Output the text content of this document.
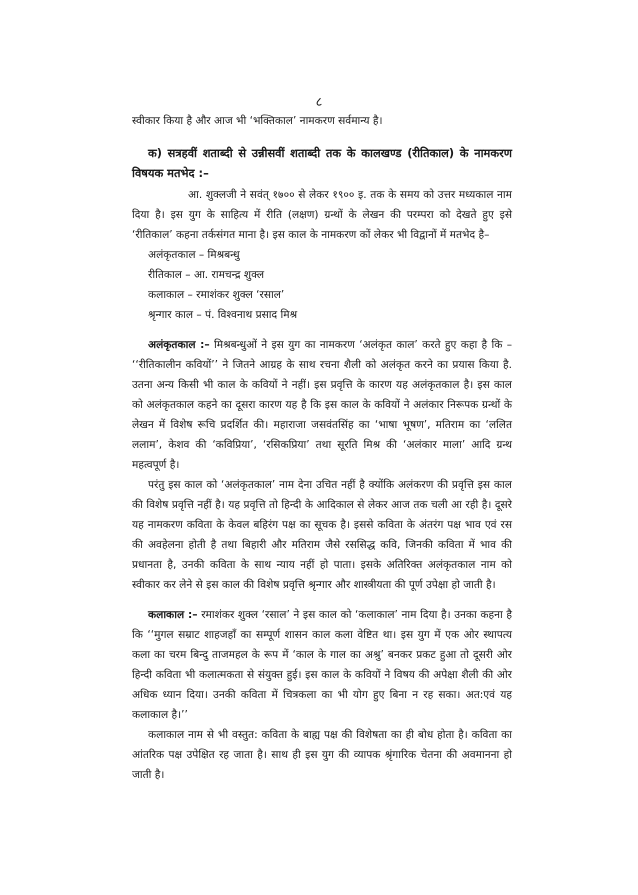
८

स्वीकार किया है और आज भी ‘भक्तिकाल’ नामकरण सर्वमान्य है।

क) सत्रहवीं शताब्दी से उन्नीसवीं शताब्दी तक के कालखण्ड (रीतिकाल) के नामकरण विषयक मतभेद :–

आ. शुक्लजी ने सवंत् १७०० से लेकर १९०० इ. तक के समय को उत्तर मध्यकाल नाम दिया है। इस युग के साहित्य में रीति (लक्षण) ग्रन्थों के लेखन की परम्परा को देखते हुए इसे ‘रीतिकाल’ कहना तर्कसंगत माना है। इस काल के नामकरण कों लेकर भी विद्वानों में मतभेद है–

अलंकृतकाल – मिश्रबन्धु
रीतिकाल – आ. रामचन्द्र शुक्ल
कलाकाल – रमाशंकर शुक्ल ‘रसाल’
श्रृन्गार काल – पं. विश्वनाथ प्रसाद मिश्र

अलंकृतकाल :– मिश्रबन्धुओं ने इस युग का नामकरण ‘अलंकृत काल’ करते हुए कहा है कि – ‘‘रीतिकालीन कवियों’’ ने जितने आग्रह के साथ रचना शैली को अलंकृत करने का प्रयास किया है. उतना अन्य किसी भी काल के कवियों ने नहीं। इस प्रवृत्ति के कारण यह अलंकृतकाल है। इस काल को अलंकृतकाल कहने का दूसरा कारण यह है कि इस काल के कवियों ने अलंकार निरूपक ग्रन्थों के लेखन में विशेष रूचि प्रदर्शित की। महाराजा जसवंतसिंह का ‘भाषा भूषण’, मतिराम का ‘ललित ललाम’, केशव की ‘कविप्रिया’, ‘रसिकप्रिया’ तथा सूरति मिश्र की ‘अलंकार माला’ आदि ग्रन्थ महत्वपूर्ण है।

परंतु इस काल को ‘अलंकृतकाल’ नाम देना उचित नहीं है क्योंकि अलंकरण की प्रवृत्ति इस काल की विशेष प्रवृत्ति नहीं है। यह प्रवृत्ति तो हिन्दी के आदिकाल से लेकर आज तक चली आ रही है। दूसरे यह नामकरण कविता के केवल बहिरंग पक्ष का सूचक है। इससे कविता के अंतरंग पक्ष भाव एवं रस की अवहेलना होती है तथा बिहारी और मतिराम जैसे रससिद्ध कवि, जिनकी कविता में भाव की प्रधानता है, उनकी कविता के साथ न्याय नहीं हो पाता। इसके अतिरिक्त अलंकृतकाल नाम को स्वीकार कर लेने से इस काल की विशेष प्रवृत्ति श्रृन्गार और शास्त्रीयता की पूर्ण उपेक्षा हो जाती है।

कलाकाल :– रमाशंकर शुक्ल ‘रसाल’ ने इस काल को ‘कलाकाल’ नाम दिया है। उनका कहना है कि ‘‘मुगल सम्राट शाहजहाँ का सम्पूर्ण शासन काल कला वेष्टित था। इस युग में एक ओर स्थापत्य कला का चरम बिन्दु ताजमहल के रूप में ‘काल के गाल का अश्रु’ बनकर प्रकट हुआ तो दूसरी ओर हिन्दी कविता भी कलात्मकता से संयुक्त हुई। इस काल के कवियों ने विषय की अपेक्षा शैली की ओर अधिक ध्यान दिया। उनकी कविता में चित्रकला का भी योग हुए बिना न रह सका। अत:एवं यह कलाकाल है।’’

कलाकाल नाम से भी वस्तुत: कविता के बाह्य पक्ष की विशेषता का ही बोध होता है। कविता का आंतरिक पक्ष उपेक्षित रह जाता है। साथ ही इस युग की व्यापक श्रृंगारिक चेतना की अवमानना हो जाती है।
